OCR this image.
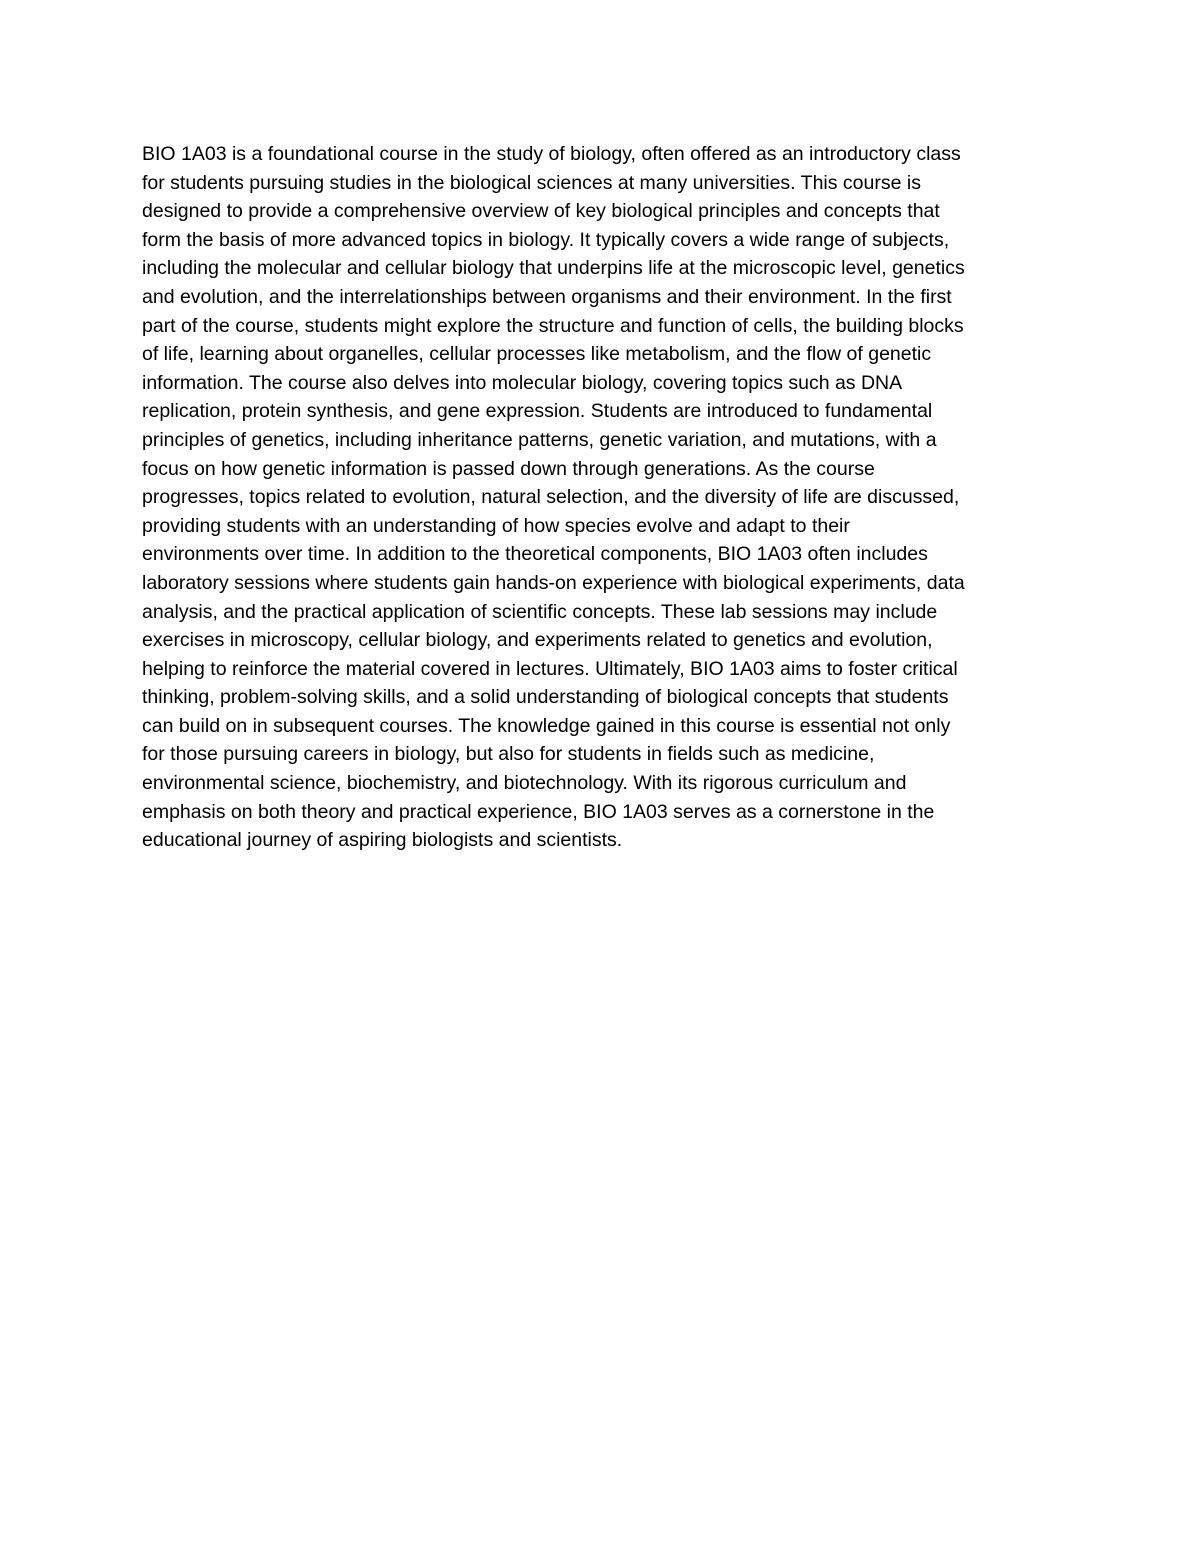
BIO 1A03 is a foundational course in the study of biology, often offered as an introductory class
for students pursuing studies in the biological sciences at many universities. This course is
designed to provide a comprehensive overview of key biological principles and concepts that
form the basis of more advanced topics in biology. It typically covers a wide range of subjects,
including the molecular and cellular biology that underpins life at the microscopic level, genetics
and evolution, and the interrelationships between organisms and their environment. In the first
part of the course, students might explore the structure and function of cells, the building blocks
of life, learning about organelles, cellular processes like metabolism, and the flow of genetic
information. The course also delves into molecular biology, covering topics such as DNA
replication, protein synthesis, and gene expression. Students are introduced to fundamental
principles of genetics, including inheritance patterns, genetic variation, and mutations, with a
focus on how genetic information is passed down through generations. As the course
progresses, topics related to evolution, natural selection, and the diversity of life are discussed,
providing students with an understanding of how species evolve and adapt to their
environments over time. In addition to the theoretical components, BIO 1A03 often includes
laboratory sessions where students gain hands-on experience with biological experiments, data
analysis, and the practical application of scientific concepts. These lab sessions may include
exercises in microscopy, cellular biology, and experiments related to genetics and evolution,
helping to reinforce the material covered in lectures. Ultimately, BIO 1A03 aims to foster critical
thinking, problem-solving skills, and a solid understanding of biological concepts that students
can build on in subsequent courses. The knowledge gained in this course is essential not only
for those pursuing careers in biology, but also for students in fields such as medicine,
environmental science, biochemistry, and biotechnology. With its rigorous curriculum and
emphasis on both theory and practical experience, BIO 1A03 serves as a cornerstone in the
educational journey of aspiring biologists and scientists.
